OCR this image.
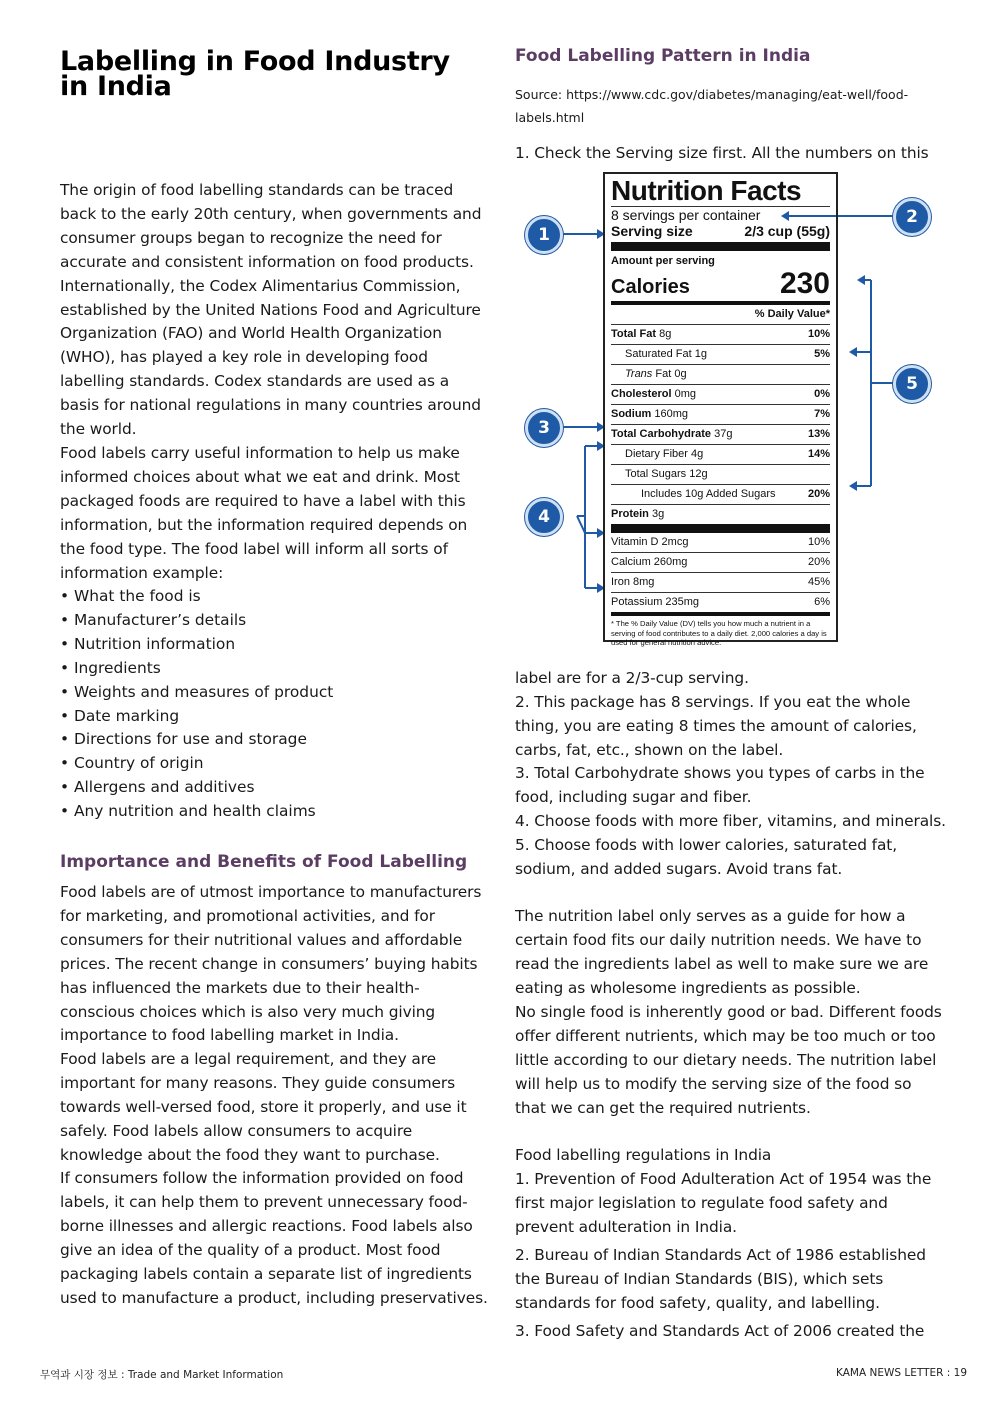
Labelling in Food Industry in India

The origin of food labelling standards can be traced back to the early 20th century, when governments and consumer groups began to recognize the need for accurate and consistent information on food products. Internationally, the Codex Alimentarius Commission, established by the United Nations Food and Agriculture Organization (FAO) and World Health Organization (WHO), has played a key role in developing food labelling standards. Codex standards are used as a basis for national regulations in many countries around the world.

Food labels carry useful information to help us make informed choices about what we eat and drink. Most packaged foods are required to have a label with this information, but the information required depends on the food type. The food label will inform all sorts of information example:

• What the food is
• Manufacturer’s details
• Nutrition information
• Ingredients
• Weights and measures of product
• Date marking
• Directions for use and storage
• Country of origin
• Allergens and additives
• Any nutrition and health claims
Importance and Benefits of Food Labelling

Food labels are of utmost importance to manufacturers for marketing, and promotional activities, and for consumers for their nutritional values and affordable prices. The recent change in consumers’ buying habits has influenced the markets due to their health-conscious choices which is also very much giving importance to food labelling market in India.

Food labels are a legal requirement, and they are important for many reasons. They guide consumers towards well-versed food, store it properly, and use it safely. Food labels allow consumers to acquire knowledge about the food they want to purchase.

If consumers follow the information provided on food labels, it can help them to prevent unnecessary food-borne illnesses and allergic reactions. Food labels also give an idea of the quality of a product. Most food packaging labels contain a separate list of ingredients used to manufacture a product, including preservatives.

Food Labelling Pattern in India

Source: https://www.cdc.gov/diabetes/managing/eat-well/food-labels.html

1. Check the Serving size first. All the numbers on this

Nutrition Facts
8 servings per container
Serving size	2/3 cup (55g)
Amount per serving
Calories	230
% Daily Value*
Total Fat 8g	10%
Saturated Fat 1g	5%
Trans Fat 0g
Cholesterol 0mg	0%
Sodium 160mg	7%
Total Carbohydrate 37g	13%
Dietary Fiber 4g	14%
Total Sugars 12g
Includes 10g Added Sugars	20%
Protein 3g
Vitamin D 2mcg	10%
Calcium 260mg	20%
Iron 8mg	45%
Potassium 235mg	6%
* The % Daily Value (DV) tells you how much a nutrient in a serving of food contributes to a daily diet. 2,000 calories a day is used for general nutrition advice.
1
2
3
4
5

label are for a 2/3-cup serving.

2. This package has 8 servings. If you eat the whole thing, you are eating 8 times the amount of calories, carbs, fat, etc., shown on the label.

3. Total Carbohydrate shows you types of carbs in the food, including sugar and fiber.

4. Choose foods with more fiber, vitamins, and minerals.

5. Choose foods with lower calories, saturated fat, sodium, and added sugars. Avoid trans fat.

The nutrition label only serves as a guide for how a certain food fits our daily nutrition needs. We have to read the ingredients label as well to make sure we are eating as wholesome ingredients as possible.

No single food is inherently good or bad. Different foods offer different nutrients, which may be too much or too little according to our dietary needs. The nutrition label will help us to modify the serving size of the food so that we can get the required nutrients.

Food labelling regulations in India

1. Prevention of Food Adulteration Act of 1954 was the first major legislation to regulate food safety and prevent adulteration in India.

2. Bureau of Indian Standards Act of 1986 established the Bureau of Indian Standards (BIS), which sets standards for food safety, quality, and labelling.

3. Food Safety and Standards Act of 2006 created the

무역과 시장 정보 : Trade and Market Information	KAMA NEWS LETTER : 19
